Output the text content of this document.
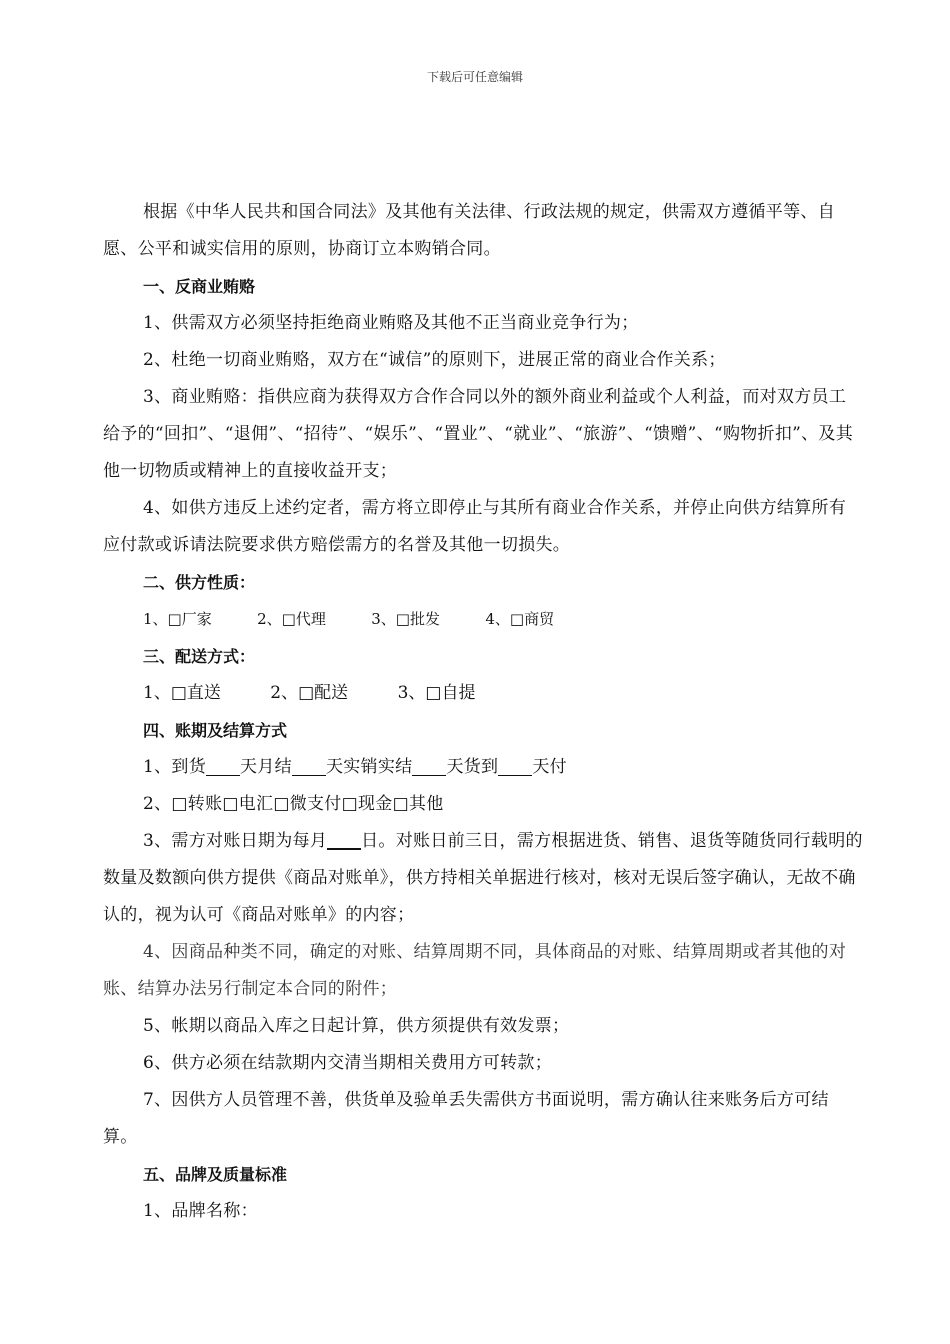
下载后可任意编辑

根据《中华人民共和国合同法》及其他有关法律、行政法规的规定，供需双方遵循平等、自愿、公平和诚实信用的原则，协商订立本购销合同。

一、反商业贿赂

1、供需双方必须坚持拒绝商业贿赂及其他不正当商业竞争行为；

2、杜绝一切商业贿赂，双方在“诚信”的原则下，进展正常的商业合作关系；

3、商业贿赂：指供应商为获得双方合作合同以外的额外商业利益或个人利益，而对双方员工给予的“回扣”、“退佣”、“招待”、“娱乐”、“置业”、“就业”、“旅游”、“馈赠”、“购物折扣”、及其他一切物质或精神上的直接收益开支；

4、如供方违反上述约定者，需方将立即停止与其所有商业合作关系，并停止向供方结算所有应付款或诉请法院要求供方赔偿需方的名誉及其他一切损失。

二、供方性质：

1、□厂家	2、□代理	3、□批发	4、□商贸

三、配送方式：

1、□直送	2、□配送	3、□自提

四、账期及结算方式

1、到货 天月结 天实销实结 天货到 天付

2、□转账□电汇□微支付□现金□其他

3、需方对账日期为每月 日。对账日前三日，需方根据进货、销售、退货等随货同行载明的数量及数额向供方提供《商品对账单》，供方持相关单据进行核对，核对无误后签字确认，无故不确认的，视为认可《商品对账单》的内容；

4、因商品种类不同，确定的对账、结算周期不同，具体商品的对账、结算周期或者其他的对账、结算办法另行制定本合同的附件；

5、帐期以商品入库之日起计算，供方须提供有效发票；

6、供方必须在结款期内交清当期相关费用方可转款；

7、因供方人员管理不善，供货单及验单丢失需供方书面说明，需方确认往来账务后方可结算。

五、品牌及质量标准

1、品牌名称：
